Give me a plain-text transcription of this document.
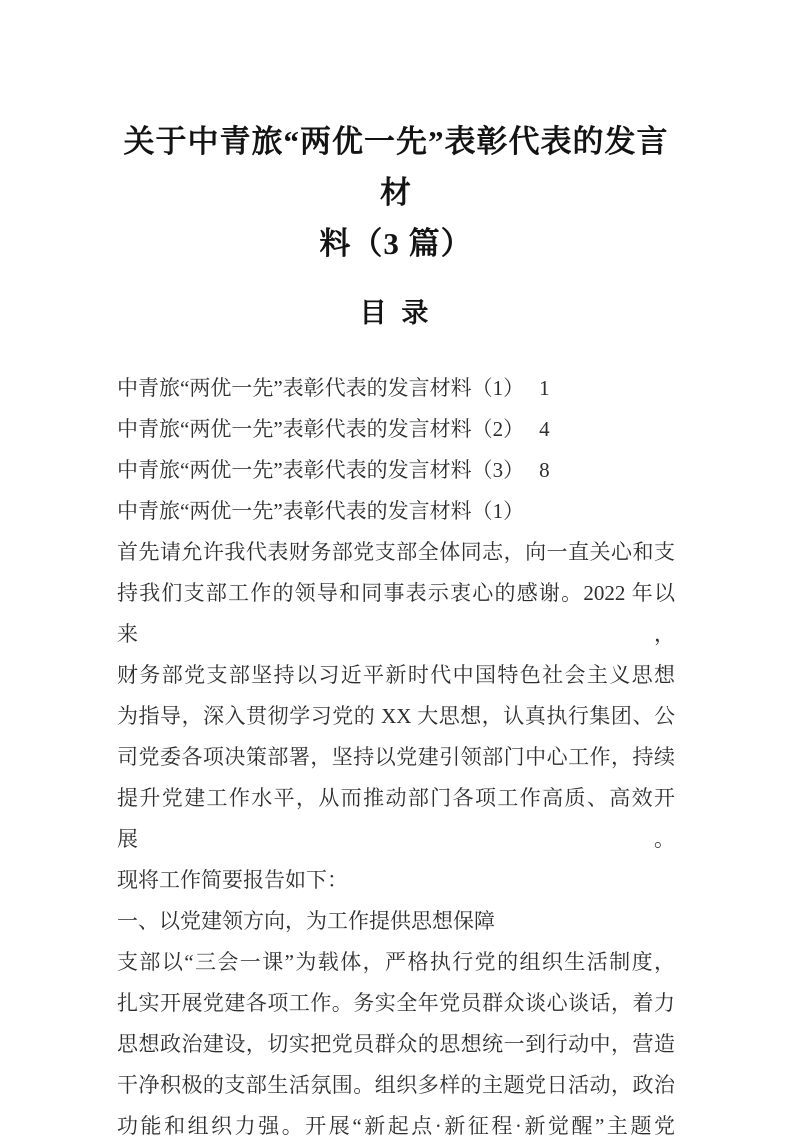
关于中青旅“两优一先”表彰代表的发言材
料（3 篇）
目 录
中青旅“两优一先”表彰代表的发言材料（1） 1
中青旅“两优一先”表彰代表的发言材料（2） 4
中青旅“两优一先”表彰代表的发言材料（3） 8
中青旅“两优一先”表彰代表的发言材料（1）
首先请允许我代表财务部党支部全体同志，向一直关心和支
持我们支部工作的领导和同事表示衷心的感谢。2022 年以来，
财务部党支部坚持以习近平新时代中国特色社会主义思想
为指导，深入贯彻学习党的 XX 大思想，认真执行集团、公
司党委各项决策部署，坚持以党建引领部门中心工作，持续
提升党建工作水平，从而推动部门各项工作高质、高效开展。
现将工作简要报告如下：
一、以党建领方向，为工作提供思想保障
支部以“三会一课”为载体，严格执行党的组织生活制度，
扎实开展党建各项工作。务实全年党员群众谈心谈话，着力
思想政治建设，切实把党员群众的思想统一到行动中，营造
干净积极的支部生活氛围。组织多样的主题党日活动，政治
功能和组织力强。开展“新起点·新征程·新觉醒”主题党
